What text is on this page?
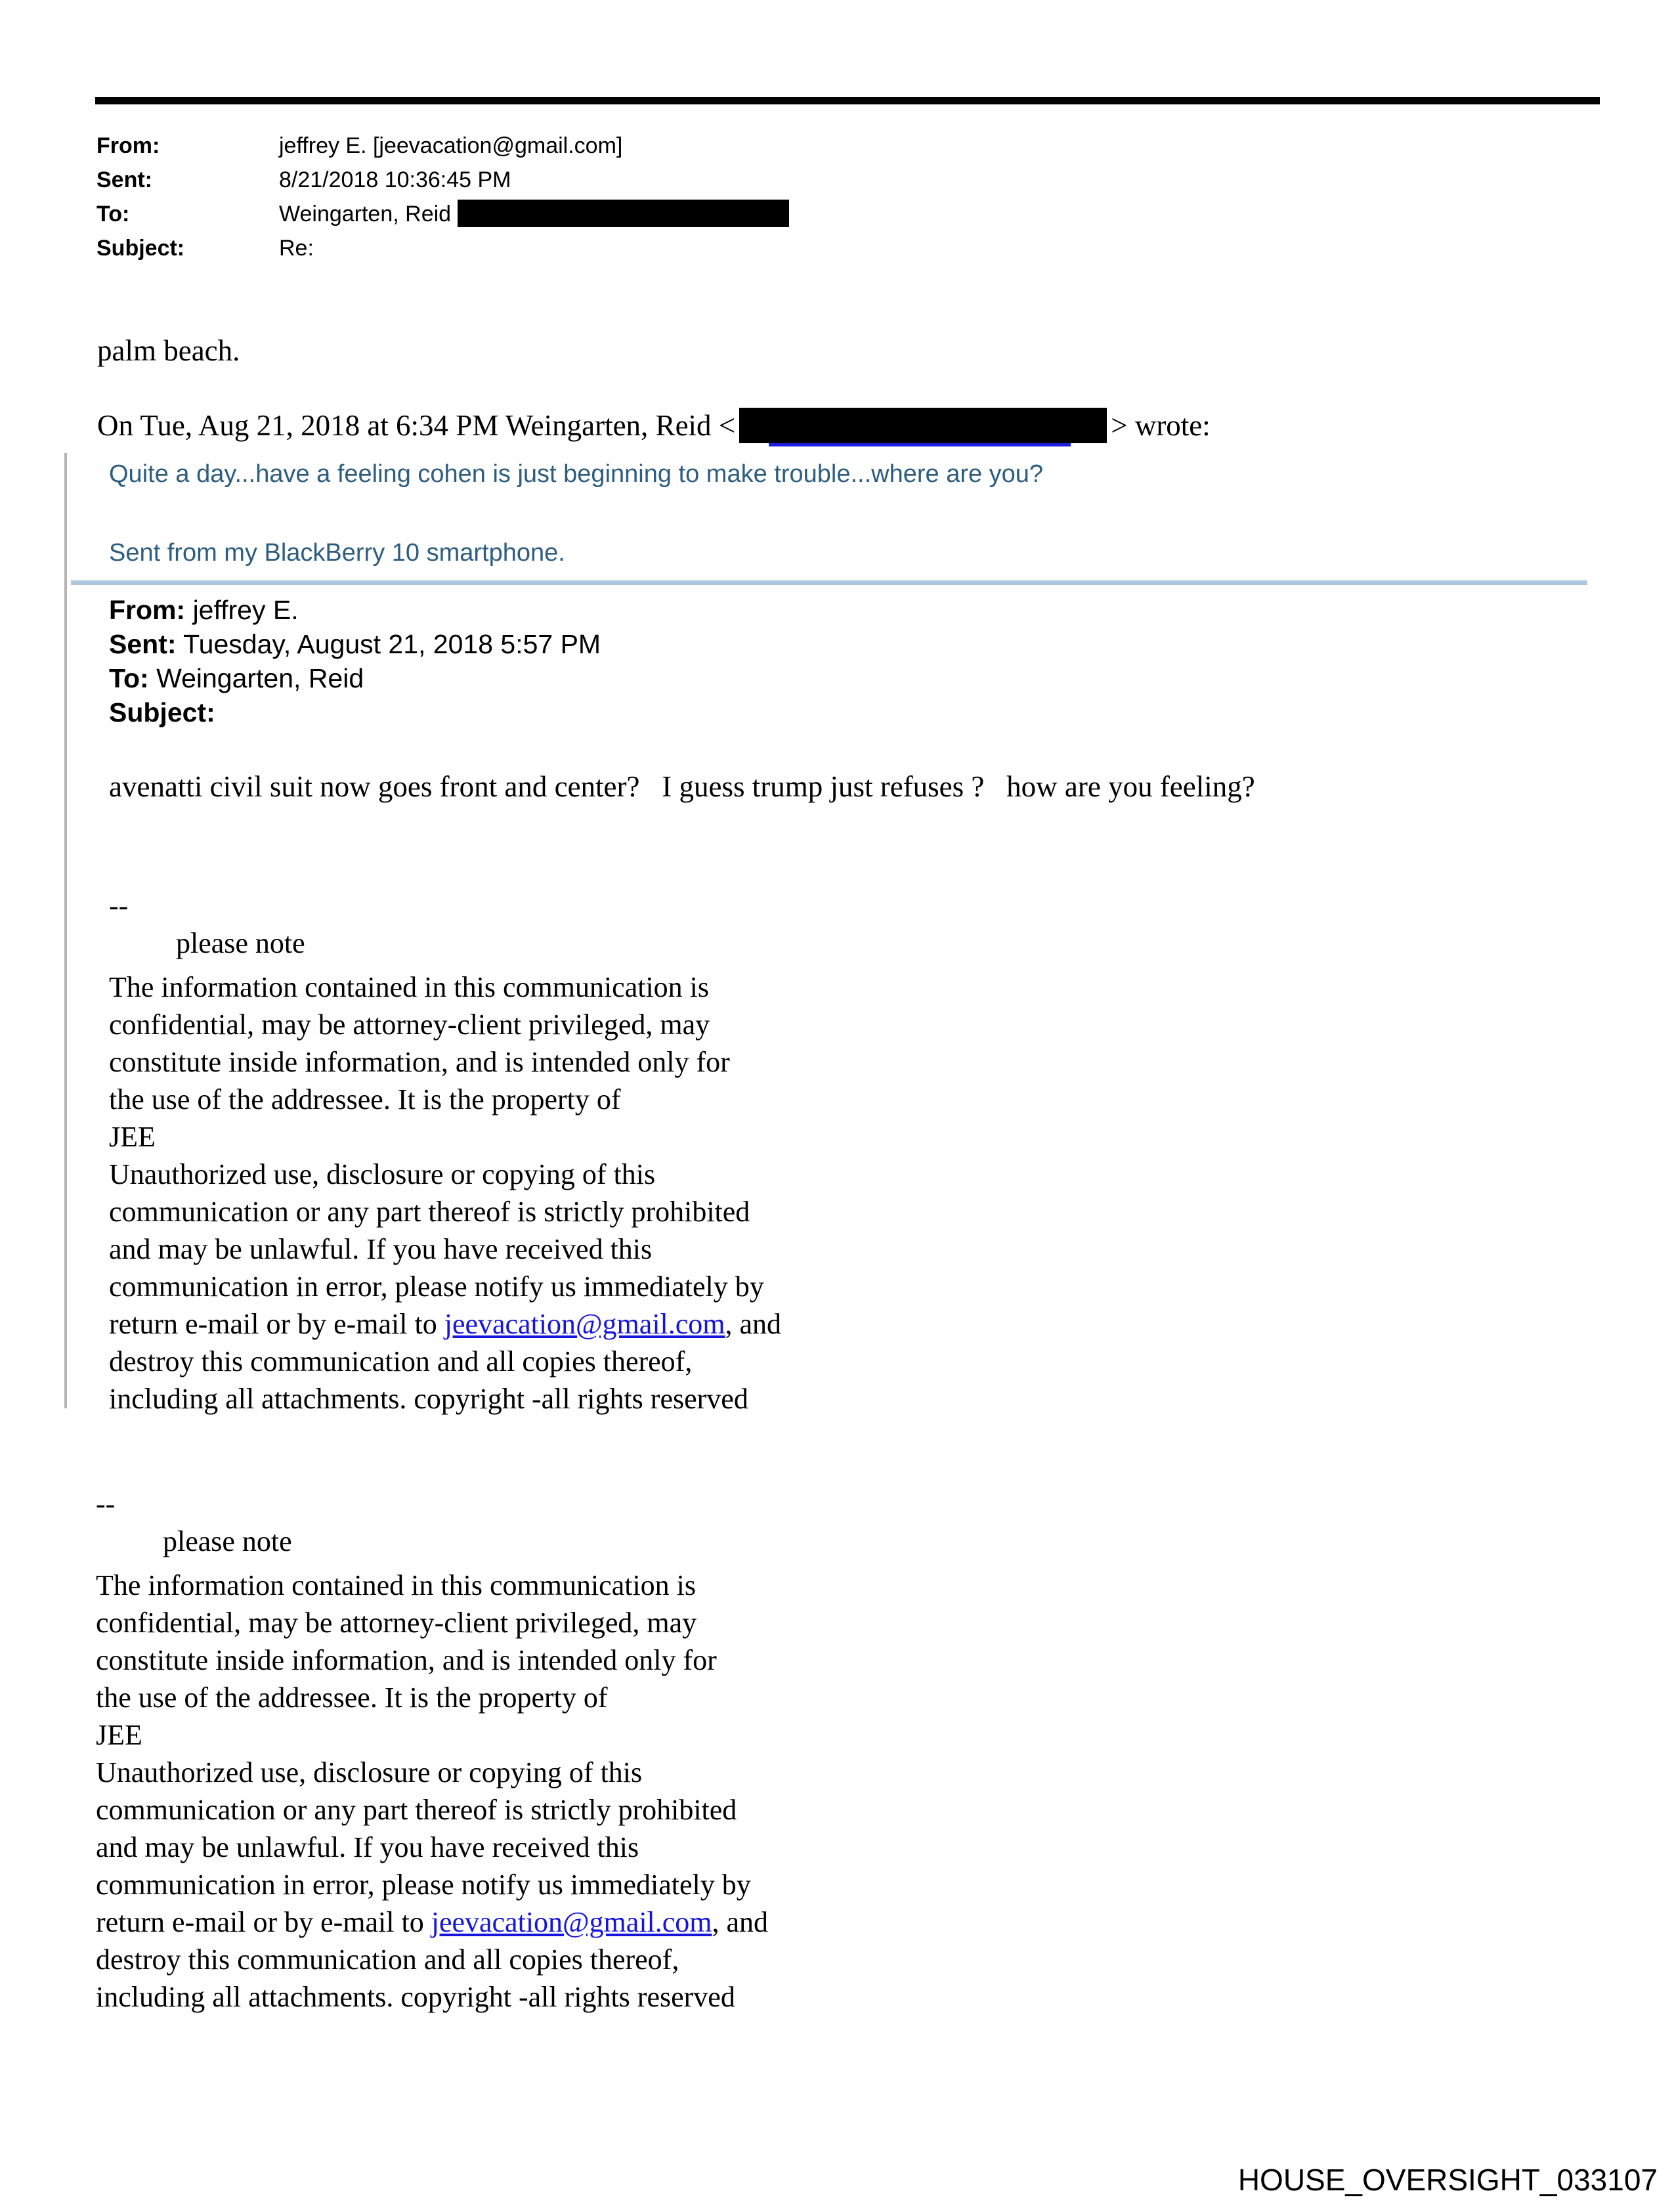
From:	jeffrey E. [jeevacation@gmail.com]
Sent:	8/21/2018 10:36:45 PM
To:	Weingarten, Reid
Subject:	Re:
palm beach.
On Tue, Aug 21, 2018 at 6:34 PM Weingarten, Reid <	> wrote:
Quite a day...have a feeling cohen is just beginning to make trouble...where are you?
Sent from my BlackBerry 10 smartphone.
From: jeffrey E.
Sent: Tuesday, August 21, 2018 5:57 PM
To: Weingarten, Reid
Subject:
avenatti civil suit now goes front and center?   I guess trump just refuses ?   how are you feeling?
--
please note
The information contained in this communication is
confidential, may be attorney-client privileged, may
constitute inside information, and is intended only for
the use of the addressee. It is the property of
JEE
Unauthorized use, disclosure or copying of this
communication or any part thereof is strictly prohibited
and may be unlawful. If you have received this
communication in error, please notify us immediately by
return e-mail or by e-mail to jeevacation@gmail.com, and
destroy this communication and all copies thereof,
including all attachments. copyright -all rights reserved
--
please note
The information contained in this communication is
confidential, may be attorney-client privileged, may
constitute inside information, and is intended only for
the use of the addressee. It is the property of
JEE
Unauthorized use, disclosure or copying of this
communication or any part thereof is strictly prohibited
and may be unlawful. If you have received this
communication in error, please notify us immediately by
return e-mail or by e-mail to jeevacation@gmail.com, and
destroy this communication and all copies thereof,
including all attachments. copyright -all rights reserved
HOUSE_OVERSIGHT_033107
